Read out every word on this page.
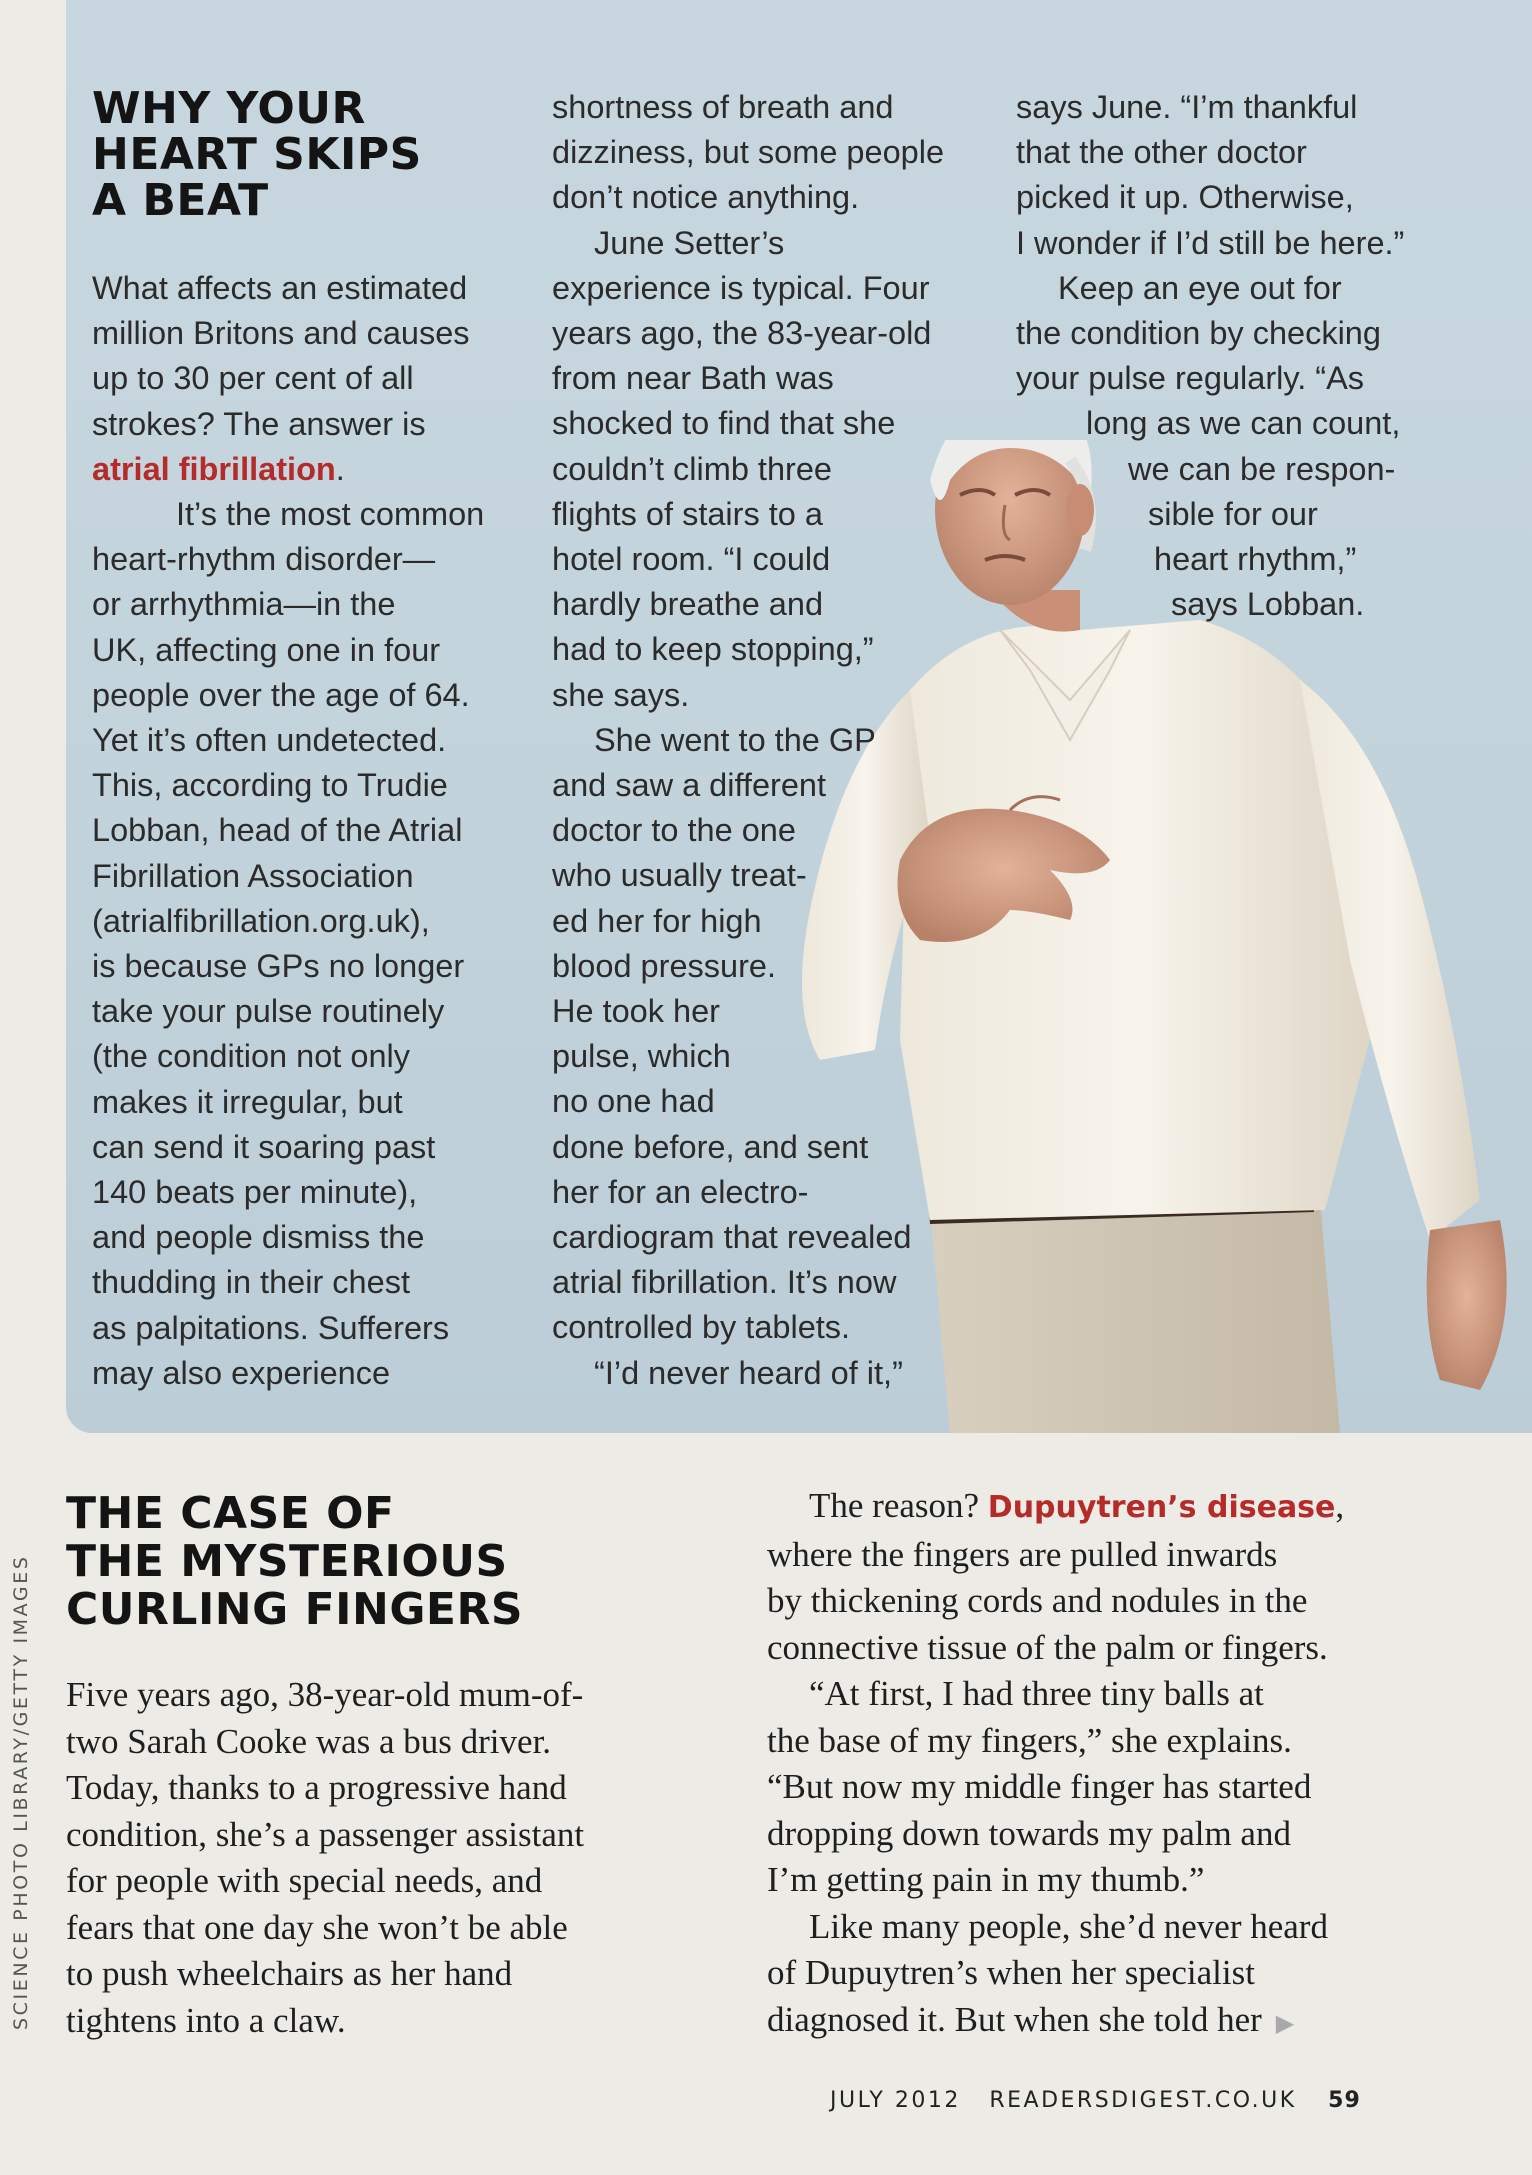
WHY YOUR
HEART SKIPS
A BEAT
What affects an estimated
million Britons and causes
up to 30 per cent of all
strokes? The answer is
atrial fibrillation.
It’s the most common
heart-rhythm disorder—
or arrhythmia—in the
UK, affecting one in four
people over the age of 64.
Yet it’s often undetected.
This, according to Trudie
Lobban, head of the Atrial
Fibrillation Association
(atrialfibrillation.org.uk),
is because GPs no longer
take your pulse routinely
(the condition not only
makes it irregular, but
can send it soaring past
140 beats per minute),
and people dismiss the
thudding in their chest
as palpitations. Sufferers
may also experience
shortness of breath and
dizziness, but some people
don’t notice anything.
June Setter’s
experience is typical. Four
years ago, the 83-year-old
from near Bath was
shocked to find that she
couldn’t climb three
flights of stairs to a
hotel room. “I could
hardly breathe and
had to keep stopping,”
she says.
She went to the GP
and saw a different
doctor to the one
who usually treat-
ed her for high
blood pressure.
He took her
pulse, which
no one had
done before, and sent
her for an electro-
cardiogram that revealed
atrial fibrillation. It’s now
controlled by tablets.
“I’d never heard of it,”
says June. “I’m thankful
that the other doctor
picked it up. Otherwise,
I wonder if I’d still be here.”
Keep an eye out for
the condition by checking
your pulse regularly. “As
long as we can count,
we can be respon-
sible for our
heart rhythm,”
says Lobban.
SCIENCE PHOTO LIBRARY/GETTY IMAGES
THE CASE OF
THE MYSTERIOUS
CURLING FINGERS
Five years ago, 38-year-old mum-of-
two Sarah Cooke was a bus driver.
Today, thanks to a progressive hand
condition, she’s a passenger assistant
for people with special needs, and
fears that one day she won’t be able
to push wheelchairs as her hand
tightens into a claw.
The reason? Dupuytren’s disease,
where the fingers are pulled inwards
by thickening cords and nodules in the
connective tissue of the palm or fingers.
“At first, I had three tiny balls at
the base of my fingers,” she explains.
“But now my middle finger has started
dropping down towards my palm and
I’m getting pain in my thumb.”
Like many people, she’d never heard
of Dupuytren’s when her specialist
diagnosed it. But when she told her ▶
JULY 2012 READERSDIGEST.CO.UK 59
